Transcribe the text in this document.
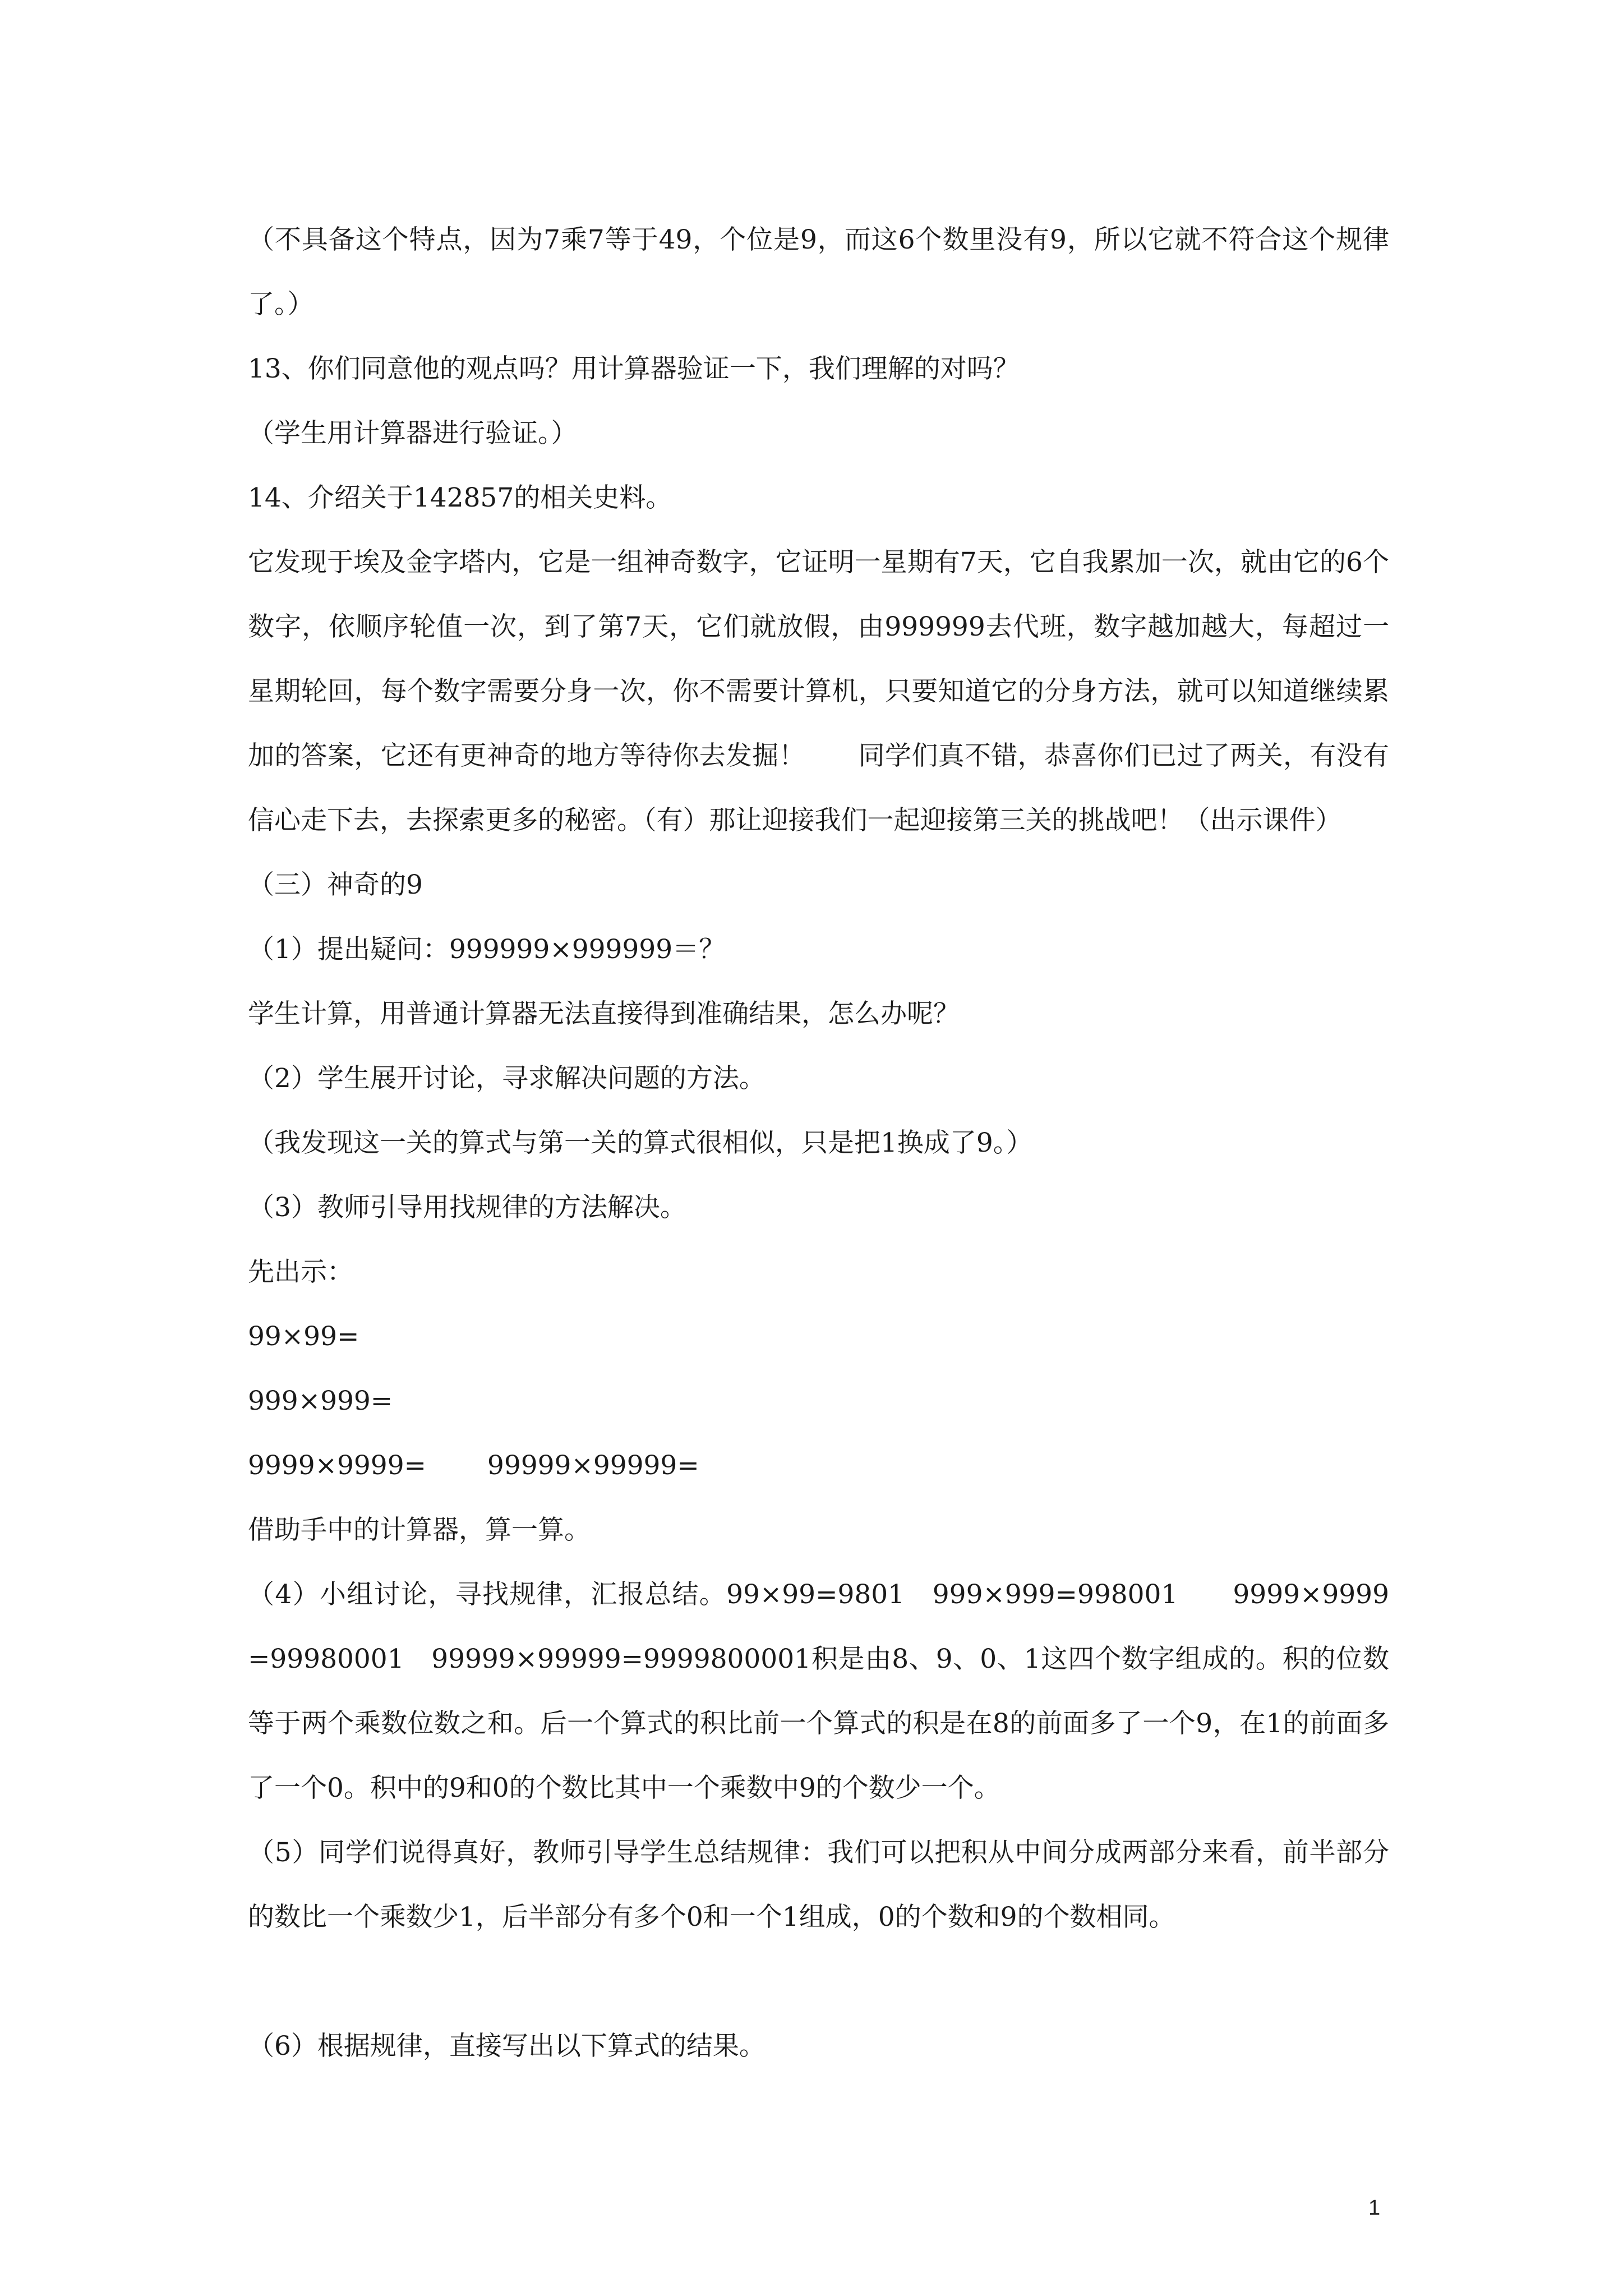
（不具备这个特点，因为7乘7等于49，个位是9，而这6个数里没有9，所以它就不符合这个规律了。）

13、你们同意他的观点吗？用计算器验证一下，我们理解的对吗？

（学生用计算器进行验证。）

14、介绍关于142857的相关史料。

它发现于埃及金字塔内，它是一组神奇数字，它证明一星期有7天，它自我累加一次，就由它的6个数字，依顺序轮值一次，到了第7天，它们就放假，由999999去代班，数字越加越大，每超过一星期轮回，每个数字需要分身一次，你不需要计算机，只要知道它的分身方法，就可以知道继续累加的答案，它还有更神奇的地方等待你去发掘！　　同学们真不错，恭喜你们已过了两关，有没有信心走下去，去探索更多的秘密。（有）那让迎接我们一起迎接第三关的挑战吧！（出示课件）

（三）神奇的9

（1）提出疑问：999999×999999＝？

学生计算，用普通计算器无法直接得到准确结果，怎么办呢？

（2）学生展开讨论，寻求解决问题的方法。

（我发现这一关的算式与第一关的算式很相似，只是把1换成了9。）

（3）教师引导用找规律的方法解决。

先出示：

99×99=

999×999=

9999×9999=　　 99999×99999=

借助手中的计算器，算一算。

（4）小组讨论，寻找规律，汇报总结。99×99=9801　999×999=998001　　9999×9999=99980001　99999×99999=9999800001积是由8、9、0、1这四个数字组成的。积的位数等于两个乘数位数之和。后一个算式的积比前一个算式的积是在8的前面多了一个9，在1的前面多了一个0。积中的9和0的个数比其中一个乘数中9的个数少一个。

（5）同学们说得真好，教师引导学生总结规律：我们可以把积从中间分成两部分来看，前半部分的数比一个乘数少1，后半部分有多个0和一个1组成，0的个数和9的个数相同。

（6）根据规律，直接写出以下算式的结果。

1
